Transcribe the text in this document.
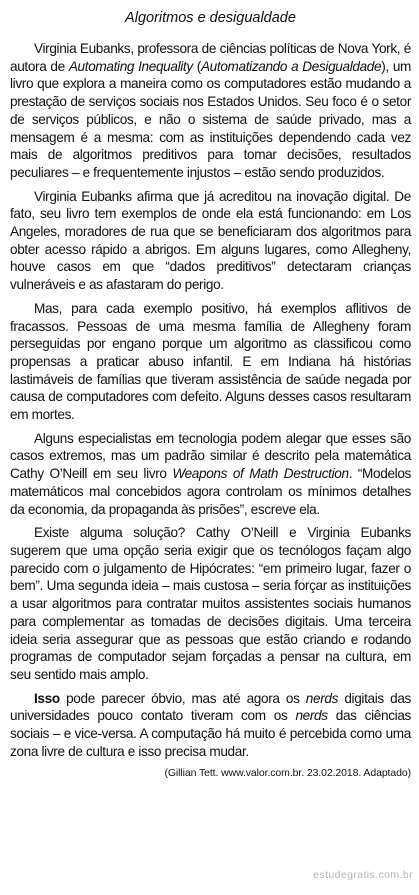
Algoritmos e desigualdade

Virginia Eubanks, professora de ciências políticas de Nova York, é autora de Automating Inequality (Automatizando a Desigualdade), um livro que explora a maneira como os computadores estão mudando a prestação de serviços sociais nos Estados Unidos. Seu foco é o setor de serviços públicos, e não o sistema de saúde privado, mas a mensagem é a mesma: com as instituições dependendo cada vez mais de algoritmos preditivos para tomar decisões, resultados peculiares – e frequentemente injustos – estão sendo produzidos.

Virginia Eubanks afirma que já acreditou na inovação digital. De fato, seu livro tem exemplos de onde ela está funcionando: em Los Angeles, moradores de rua que se beneficiaram dos algoritmos para obter acesso rápido a abrigos. Em alguns lugares, como Allegheny, houve casos em que “dados preditivos” detectaram crianças vulneráveis e as afastaram do perigo.

Mas, para cada exemplo positivo, há exemplos aflitivos de fracassos. Pessoas de uma mesma família de Allegheny foram perseguidas por engano porque um algoritmo as classificou como propensas a praticar abuso infantil. E em Indiana há histórias lastimáveis de famílias que tiveram assistência de saúde negada por causa de computadores com defeito. Alguns desses casos resultaram em mortes.

Alguns especialistas em tecnologia podem alegar que esses são casos extremos, mas um padrão similar é descrito pela matemática Cathy O’Neill em seu livro Weapons of Math Destruction. “Modelos matemáticos mal concebidos agora controlam os mínimos detalhes da economia, da propaganda às prisões”, escreve ela.

Existe alguma solução? Cathy O’Neill e Virginia Eubanks sugerem que uma opção seria exigir que os tecnólogos façam algo parecido com o julgamento de Hipócrates: “em primeiro lugar, fazer o bem”. Uma segunda ideia – mais custosa – seria forçar as instituições a usar algoritmos para contratar muitos assistentes sociais humanos para complementar as tomadas de decisões digitais. Uma terceira ideia seria assegurar que as pessoas que estão criando e rodando programas de computador sejam forçadas a pensar na cultura, em seu sentido mais amplo.

Isso pode parecer óbvio, mas até agora os nerds digitais das universidades pouco contato tiveram com os nerds das ciências sociais – e vice-versa. A computação há muito é percebida como uma zona livre de cultura e isso precisa mudar.

(Gillian Tett. www.valor.com.br. 23.02.2018. Adaptado)
estudegratis.com.br
